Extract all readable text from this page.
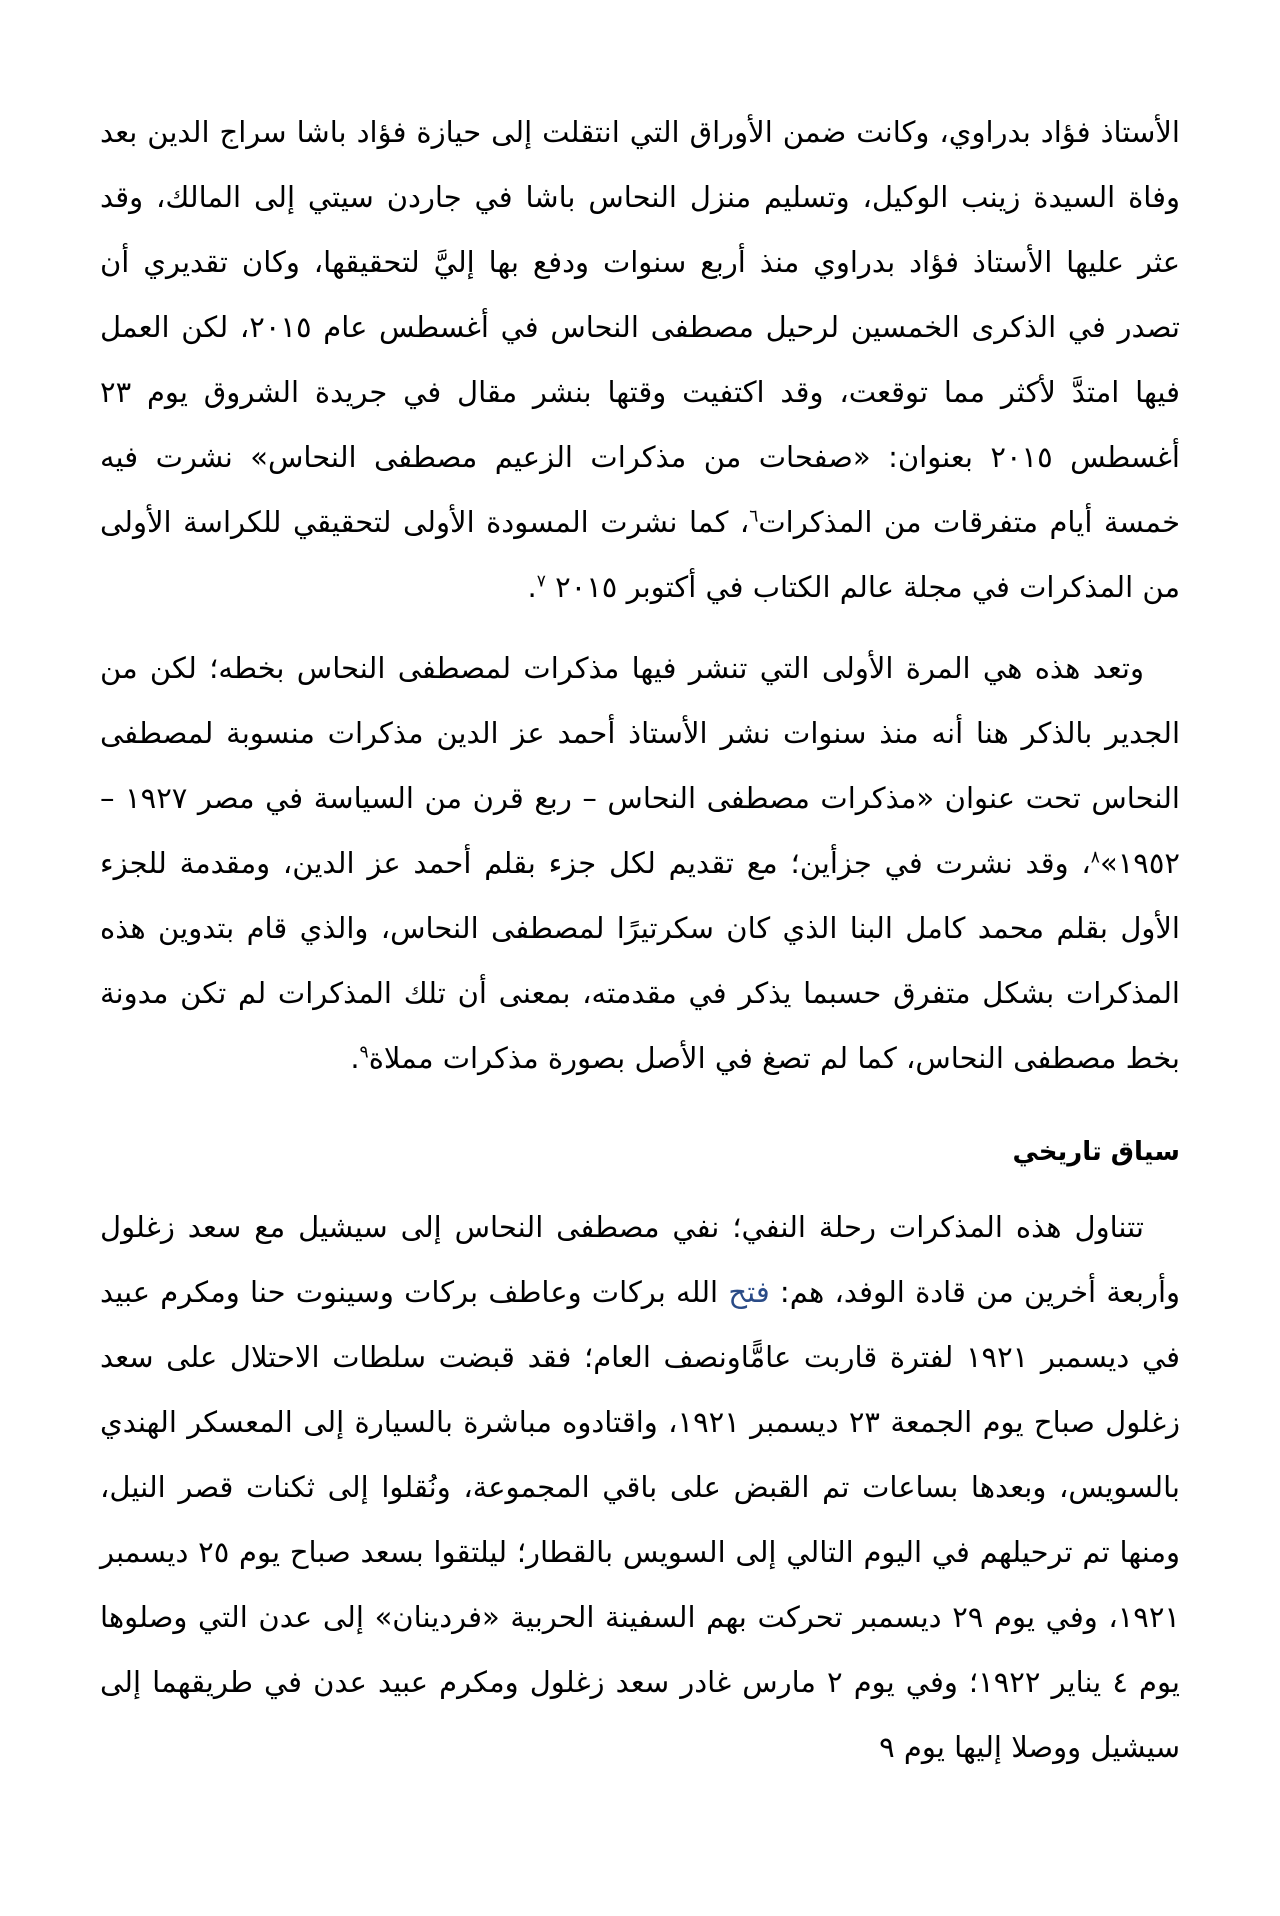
الأستاذ فؤاد بدراوي، وكانت ضمن الأوراق التي انتقلت إلى حيازة فؤاد باشا سراج الدين بعد وفاة السيدة زينب الوكيل، وتسليم منزل النحاس باشا في جاردن سيتي إلى المالك، وقد عثر عليها الأستاذ فؤاد بدراوي منذ أربع سنوات ودفع بها إليَّ لتحقيقها، وكان تقديري أن تصدر في الذكرى الخمسين لرحيل مصطفى النحاس في أغسطس عام ٢٠١٥، لكن العمل فيها امتدَّ لأكثر مما توقعت، وقد اكتفيت وقتها بنشر مقال في جريدة الشروق يوم ٢٣ أغسطس ٢٠١٥ بعنوان: «صفحات من مذكرات الزعيم مصطفى النحاس» نشرت فيه خمسة أيام متفرقات من المذكرات$^٦$، كما نشرت المسودة الأولى لتحقيقي للكراسة الأولى من المذكرات في مجلة عالم الكتاب في أكتوبر ٢٠١٥ $^٧$.

وتعد هذه هي المرة الأولى التي تنشر فيها مذكرات لمصطفى النحاس بخطه؛ لكن من الجدير بالذكر هنا أنه منذ سنوات نشر الأستاذ أحمد عز الدين مذكرات منسوبة لمصطفى النحاس تحت عنوان «مذكرات مصطفى النحاس – ربع قرن من السياسة في مصر ١٩٢٧ – ١٩٥٢»$^٨$، وقد نشرت في جزأين؛ مع تقديم لكل جزء بقلم أحمد عز الدين، ومقدمة للجزء الأول بقلم محمد كامل البنا الذي كان سكرتيرًا لمصطفى النحاس، والذي قام بتدوين هذه المذكرات بشكل متفرق حسبما يذكر في مقدمته، بمعنى أن تلك المذكرات لم تكن مدونة بخط مصطفى النحاس، كما لم تصغ في الأصل بصورة مذكرات مملاة$^٩$.

سياق تاريخي

تتناول هذه المذكرات رحلة النفي؛ نفي مصطفى النحاس إلى سيشيل مع سعد زغلول وأربعة أخرين من قادة الوفد، هم: فتح الله بركات وعاطف بركات وسينوت حنا ومكرم عبيد في ديسمبر ١٩٢١ لفترة قاربت عامًّاونصف العام؛ فقد قبضت سلطات الاحتلال على سعد زغلول صباح يوم الجمعة ٢٣ ديسمبر ١٩٢١، واقتادوه مباشرة بالسيارة إلى المعسكر الهندي بالسويس، وبعدها بساعات تم القبض على باقي المجموعة، ونُقلوا إلى ثكنات قصر النيل، ومنها تم ترحيلهم في اليوم التالي إلى السويس بالقطار؛ ليلتقوا بسعد صباح يوم ٢٥ ديسمبر ١٩٢١، وفي يوم ٢٩ ديسمبر تحركت بهم السفينة الحربية «فردينان» إلى عدن التي وصلوها يوم ٤ يناير ١٩٢٢؛ وفي يوم ٢ مارس غادر سعد زغلول ومكرم عبيد عدن في طريقهما إلى سيشيل ووصلا إليها يوم ٩
